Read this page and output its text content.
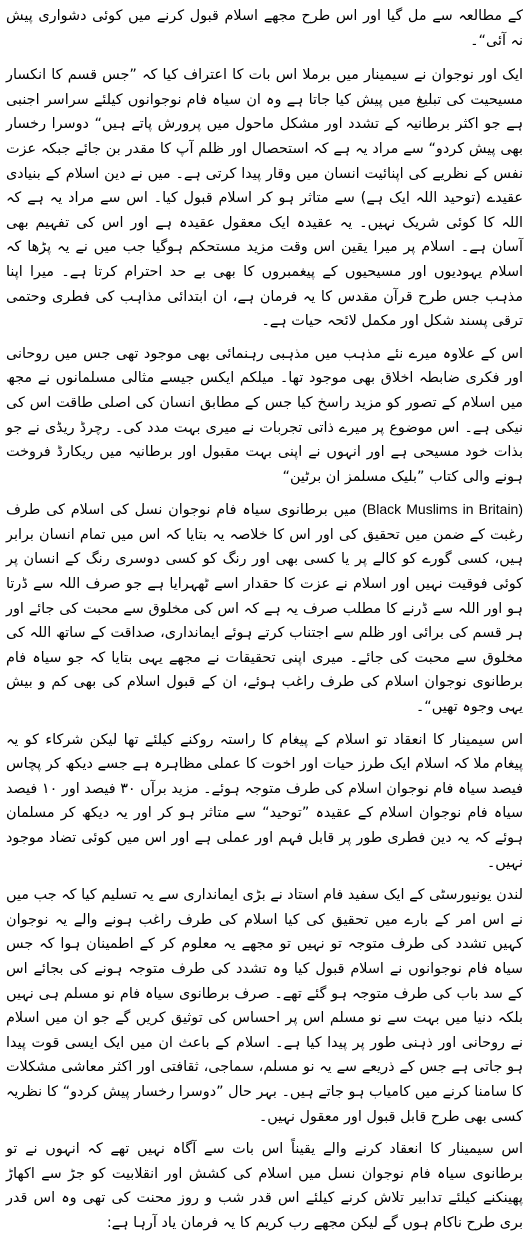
کے مطالعہ سے مل گیا اور اس طرح مجھے اسلام قبول کرنے میں کوئی دشواری پیش نہ آئی“۔

ایک اور نوجوان نے سیمینار میں برملا اس بات کا اعتراف کیا کہ ”جس قسم کا انکسار مسیحیت کی تبلیغ میں پیش کیا جاتا ہے وہ ان سیاہ فام نوجوانوں کیلئے سراسر اجنبی ہے جو اکثر برطانیہ کے تشدد اور مشکل ماحول میں پرورش پاتے ہیں“ دوسرا رخسار بھی پیش کردو“ سے مراد یہ ہے کہ استحصال اور ظلم آپ کا مقدر بن جائے جبکہ عزت نفس کے نظریے کی اپنائیت انسان میں وقار پیدا کرتی ہے۔ میں نے دین اسلام کے بنیادی عقیدے (توحید اللہ ایک ہے) سے متاثر ہو کر اسلام قبول کیا۔ اس سے مراد یہ ہے کہ اللہ کا کوئی شریک نہیں۔ یہ عقیدہ ایک معقول عقیدہ ہے اور اس کی تفہیم بھی آسان ہے۔ اسلام پر میرا یقین اس وقت مزید مستحکم ہوگیا جب میں نے یہ پڑھا کہ اسلام یہودیوں اور مسیحیوں کے پیغمبروں کا بھی بے حد احترام کرتا ہے۔ میرا اپنا مذہب جس طرح قرآن مقدس کا یہ فرمان ہے، ان ابتدائی مذاہب کی فطری وحتمی ترقی پسند شکل اور مکمل لائحہ حیات ہے۔

اس کے علاوہ میرے نئے مذہب میں مذہبی رہنمائی بھی موجود تھی جس میں روحانی اور فکری ضابطہ اخلاق بھی موجود تھا۔ میلکم ایکس جیسے مثالی مسلمانوں نے مجھ میں اسلام کے تصور کو مزید راسخ کیا جس کے مطابق انسان کی اصلی طاقت اس کی نیکی ہے۔ اس موضوع پر میرے ذاتی تجربات نے میری بہت مدد کی۔ رچرڈ ریڈی نے جو بذات خود مسیحی ہے اور انہوں نے اپنی بہت مقبول اور برطانیہ میں ریکارڈ فروخت ہونے والی کتاب ”بلیک مسلمز ان برٹین“

(Black Muslims in Britain) میں برطانوی سیاہ فام نوجوان نسل کی اسلام کی طرف رغبت کے ضمن میں تحقیق کی اور اس کا خلاصہ یہ بتایا کہ اس میں تمام انسان برابر ہیں، کسی گورے کو کالے پر یا کسی بھی اور رنگ کو کسی دوسری رنگ کے انسان پر کوئی فوقیت نہیں اور اسلام نے عزت کا حقدار اسے ٹھہرایا ہے جو صرف اللہ سے ڈرتا ہو اور اللہ سے ڈرنے کا مطلب صرف یہ ہے کہ اس کی مخلوق سے محبت کی جائے اور ہر قسم کی برائی اور ظلم سے اجتناب کرتے ہوئے ایمانداری، صداقت کے ساتھ اللہ کی مخلوق سے محبت کی جائے۔ میری اپنی تحقیقات نے مجھے یہی بتایا کہ جو سیاہ فام برطانوی نوجوان اسلام کی طرف راغب ہوئے، ان کے قبول اسلام کی بھی کم و بیش یہی وجوہ تھیں“۔

اس سیمینار کا انعقاد تو اسلام کے پیغام کا راستہ روکنے کیلئے تھا لیکن شرکاء کو یہ پیغام ملا کہ اسلام ایک طرز حیات اور اخوت کا عملی مظاہرہ ہے جسے دیکھ کر پچاس فیصد سیاہ فام نوجوان اسلام کی طرف متوجہ ہوئے۔ مزید برآں ۳۰ فیصد اور ۱۰ فیصد سیاہ فام نوجوان اسلام کے عقیدہ ”توحید“ سے متاثر ہو کر اور یہ دیکھ کر مسلمان ہوئے کہ یہ دین فطری طور پر قابل فہم اور عملی ہے اور اس میں کوئی تضاد موجود نہیں۔

لندن یونیورسٹی کے ایک سفید فام استاد نے بڑی ایمانداری سے یہ تسلیم کیا کہ جب میں نے اس امر کے بارے میں تحقیق کی کیا اسلام کی طرف راغب ہونے والے یہ نوجوان کہیں تشدد کی طرف متوجہ تو نہیں تو مجھے یہ معلوم کر کے اطمینان ہوا کہ جس سیاہ فام نوجوانوں نے اسلام قبول کیا وہ تشدد کی طرف متوجہ ہونے کی بجائے اس کے سد باب کی طرف متوجہ ہو گئے تھے۔ صرف برطانوی سیاہ فام نو مسلم ہی نہیں بلکہ دنیا میں بہت سے نو مسلم اس پر احساس کی توثیق کریں گے جو ان میں اسلام نے روحانی اور ذہنی طور پر پیدا کیا ہے۔ اسلام کے باعث ان میں ایک ایسی قوت پیدا ہو جاتی ہے جس کے ذریعے سے یہ نو مسلم، سماجی، ثقافتی اور اکثر معاشی مشکلات کا سامنا کرنے میں کامیاب ہو جاتے ہیں۔ بہر حال ”دوسرا رخسار پیش کردو“ کا نظریہ کسی بھی طرح قابل قبول اور معقول نہیں۔

اس سیمینار کا انعقاد کرنے والے یقیناً اس بات سے آگاہ نہیں تھے کہ انہوں نے تو برطانوی سیاہ فام نوجوان نسل میں اسلام کی کشش اور انقلابیت کو جڑ سے اکھاڑ پھینکنے کیلئے تدابیر تلاش کرنے کیلئے اس قدر شب و روز محنت کی تھی وہ اس قدر بری طرح ناکام ہوں گے لیکن مجھے رب کریم کا یہ فرمان یاد آرہا ہے:
